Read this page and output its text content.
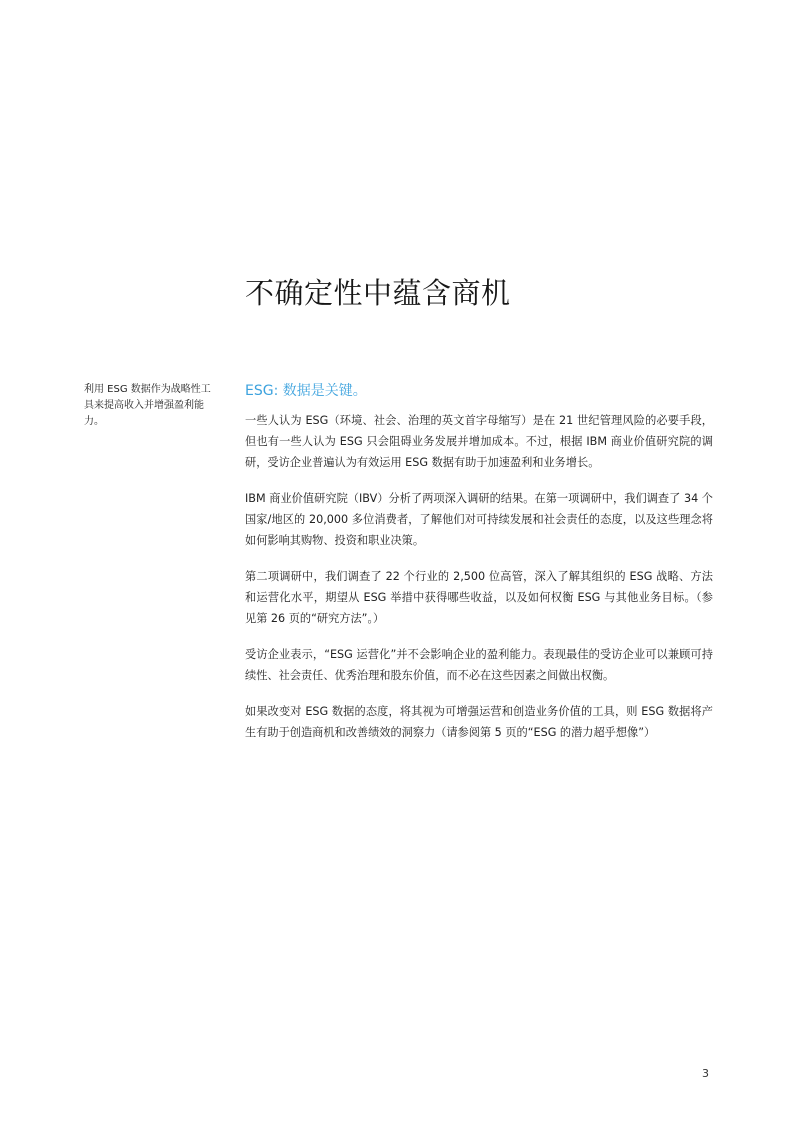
不确定性中蕴含商机

利用 ESG 数据作为战略性工具来提高收入并增强盈利能力。

ESG: 数据是关键。

一些人认为 ESG（环境、社会、治理的英文首字母缩写）是在 21 世纪管理风险的必要手段，但也有一些人认为 ESG 只会阻碍业务发展并增加成本。不过，根据 IBM 商业价值研究院的调研，受访企业普遍认为有效运用 ESG 数据有助于加速盈利和业务增长。

IBM 商业价值研究院（IBV）分析了两项深入调研的结果。在第一项调研中，我们调查了 34 个国家/地区的 20,000 多位消费者，了解他们对可持续发展和社会责任的态度，以及这些理念将如何影响其购物、投资和职业决策。

第二项调研中，我们调查了 22 个行业的 2,500 位高管，深入了解其组织的 ESG 战略、方法和运营化水平，期望从 ESG 举措中获得哪些收益，以及如何权衡 ESG 与其他业务目标。（参见第 26 页的“研究方法”。）

受访企业表示，“ESG 运营化”并不会影响企业的盈利能力。表现最佳的受访企业可以兼顾可持续性、社会责任、优秀治理和股东价值，而不必在这些因素之间做出权衡。

如果改变对 ESG 数据的态度，将其视为可增强运营和创造业务价值的工具，则 ESG 数据将产生有助于创造商机和改善绩效的洞察力（请参阅第 5 页的“ESG 的潜力超乎想像”）

3
